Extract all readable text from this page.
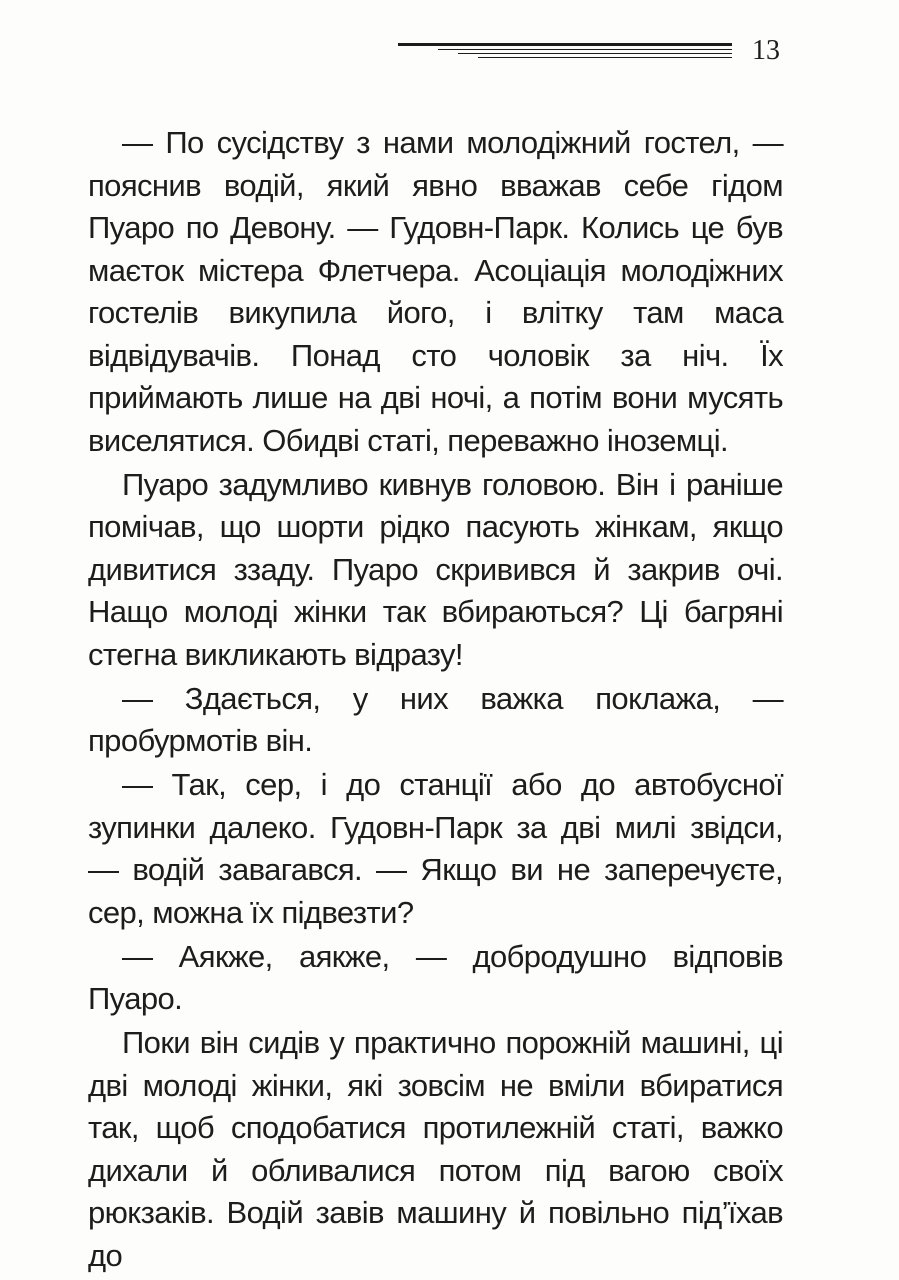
13

— По сусідству з нами молодіжний гостел, — пояснив водій, який явно вважав себе гідом Пуаро по Девону. — Гудовн-Парк. Колись це був маєток містера Флетчера. Асоціація молодіжних гостелів викупила його, і влітку там маса відвідувачів. Понад сто чоловік за ніч. Їх приймають лише на дві ночі, а потім вони мусять виселятися. Обидві статі, переважно іноземці.

Пуаро задумливо кивнув головою. Він і раніше помічав, що шорти рідко пасують жінкам, якщо дивитися ззаду. Пуаро скривився й закрив очі. Нащо молоді жінки так вбираються? Ці багряні стегна викликають відразу!

— Здається, у них важка поклажа, — пробурмотів він.

— Так, сер, і до станції або до автобусної зупинки далеко. Гудовн-Парк за дві милі звідси, — водій завагався. — Якщо ви не заперечуєте, сер, можна їх підвезти?

— Аякже, аякже, — добродушно відповів Пуаро.

Поки він сидів у практично порожній машині, ці дві молоді жінки, які зовсім не вміли вбиратися так, щоб сподобатися протилежній статі, важко дихали й обливалися потом під вагою своїх рюкзаків. Водій завів машину й повільно під’їхав до
